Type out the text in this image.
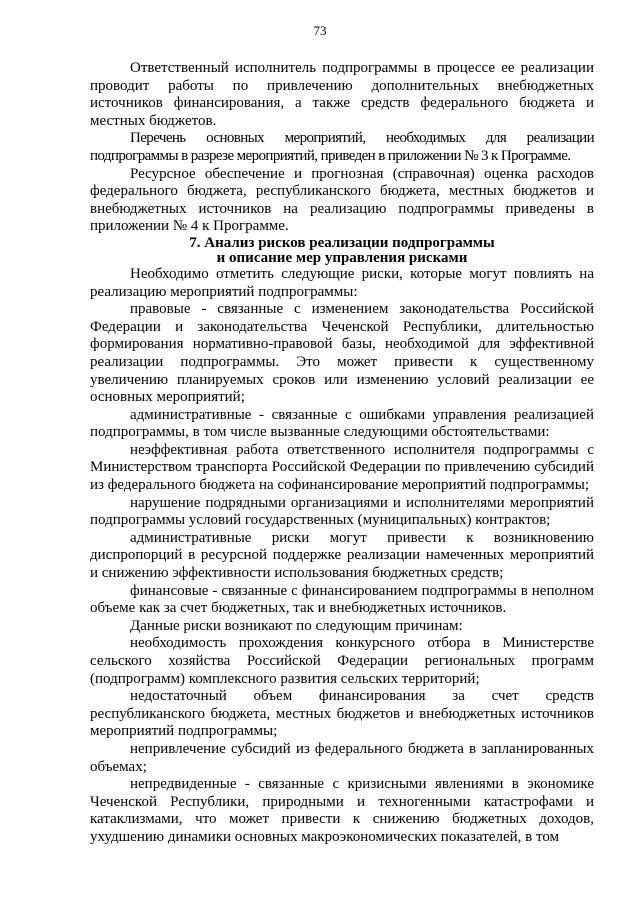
73

Ответственный исполнитель подпрограммы в процессе ее реализации проводит работы по привлечению дополнительных внебюджетных источников финансирования, а также средств федерального бюджета и местных бюджетов.

Перечень основных мероприятий, необходимых для реализации подпрограммы в разрезе мероприятий, приведен в приложении № 3 к Программе.

Ресурсное обеспечение и прогнозная (справочная) оценка расходов федерального бюджета, республиканского бюджета, местных бюджетов и внебюджетных источников на реализацию подпрограммы приведены в приложении № 4 к Программе.

7. Анализ рисков реализации подпрограммы
и описание мер управления рисками

Необходимо отметить следующие риски, которые могут повлиять на реализацию мероприятий подпрограммы:

правовые - связанные с изменением законодательства Российской Федерации и законодательства Чеченской Республики, длительностью формирования нормативно-правовой базы, необходимой для эффективной реализации подпрограммы. Это может привести к существенному увеличению планируемых сроков или изменению условий реализации ее основных мероприятий;

административные - связанные с ошибками управления реализацией подпрограммы, в том числе вызванные следующими обстоятельствами:

неэффективная работа ответственного исполнителя подпрограммы с Министерством транспорта Российской Федерации по привлечению субсидий из федерального бюджета на софинансирование мероприятий подпрограммы;

нарушение подрядными организациями и исполнителями мероприятий подпрограммы условий государственных (муниципальных) контрактов;

административные риски могут привести к возникновению диспропорций в ресурсной поддержке реализации намеченных мероприятий и снижению эффективности использования бюджетных средств;

финансовые - связанные с финансированием подпрограммы в неполном объеме как за счет бюджетных, так и внебюджетных источников.

Данные риски возникают по следующим причинам:

необходимость прохождения конкурсного отбора в Министерстве сельского хозяйства Российской Федерации региональных программ (подпрограмм) комплексного развития сельских территорий;

недостаточный объем финансирования за счет средств республиканского бюджета, местных бюджетов и внебюджетных источников мероприятий подпрограммы;

непривлечение субсидий из федерального бюджета в запланированных объемах;

непредвиденные - связанные с кризисными явлениями в экономике Чеченской Республики, природными и техногенными катастрофами и катаклизмами, что может привести к снижению бюджетных доходов, ухудшению динамики основных макроэкономических показателей, в том
